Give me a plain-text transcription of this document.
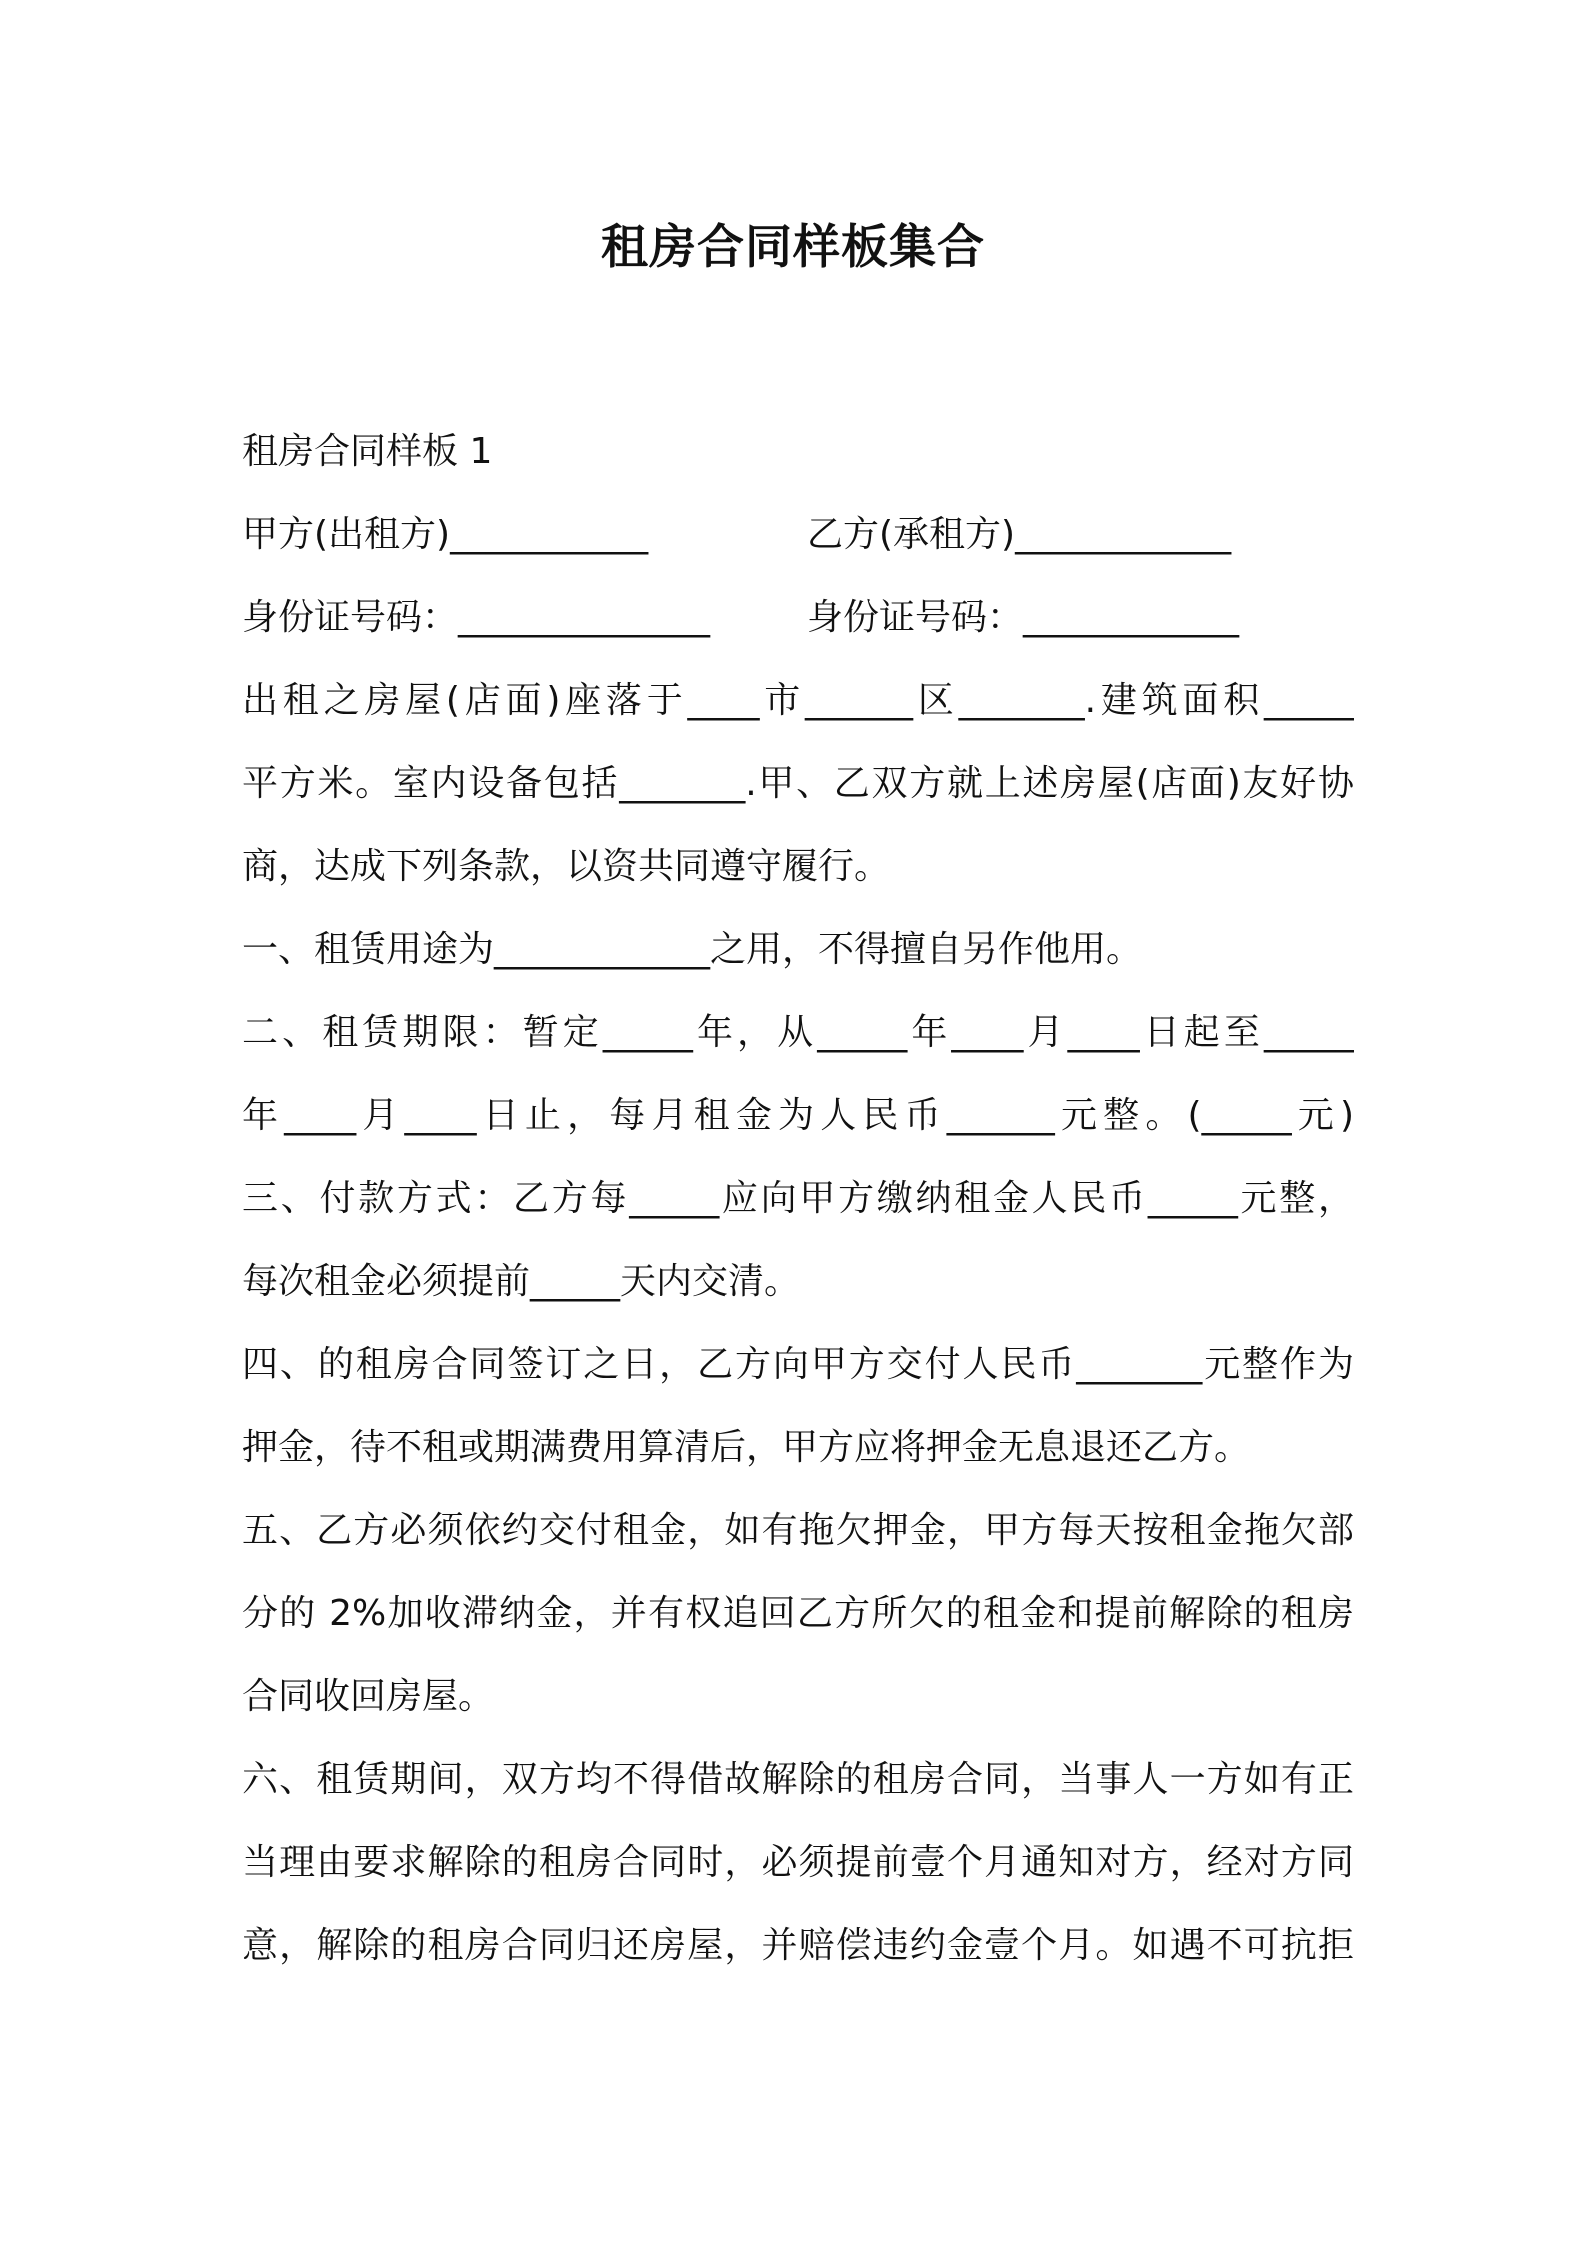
租房合同样板集合
租房合同样板 1
甲方(出租方)___________	乙方(承租方)____________
身份证号码：______________	身份证号码：____________
出租之房屋(店面)座落于____市______区_______.建筑面积_____
平方米。室内设备包括_______.甲、乙双方就上述房屋(店面)友好协
商，达成下列条款，以资共同遵守履行。
一、租赁用途为____________之用，不得擅自另作他用。
二、租赁期限：暂定_____年，从_____年____月____日起至_____
年____月____日止，每月租金为人民币______元整。(_____元)
三、付款方式：乙方每_____应向甲方缴纳租金人民币_____元整，
每次租金必须提前_____天内交清。
四、的租房合同签订之日，乙方向甲方交付人民币_______元整作为
押金，待不租或期满费用算清后，甲方应将押金无息退还乙方。
五、乙方必须依约交付租金，如有拖欠押金，甲方每天按租金拖欠部
分的 2%加收滞纳金，并有权追回乙方所欠的租金和提前解除的租房
合同收回房屋。
六、租赁期间，双方均不得借故解除的租房合同，当事人一方如有正
当理由要求解除的租房合同时，必须提前壹个月通知对方，经对方同
意，解除的租房合同归还房屋，并赔偿违约金壹个月。如遇不可抗拒
